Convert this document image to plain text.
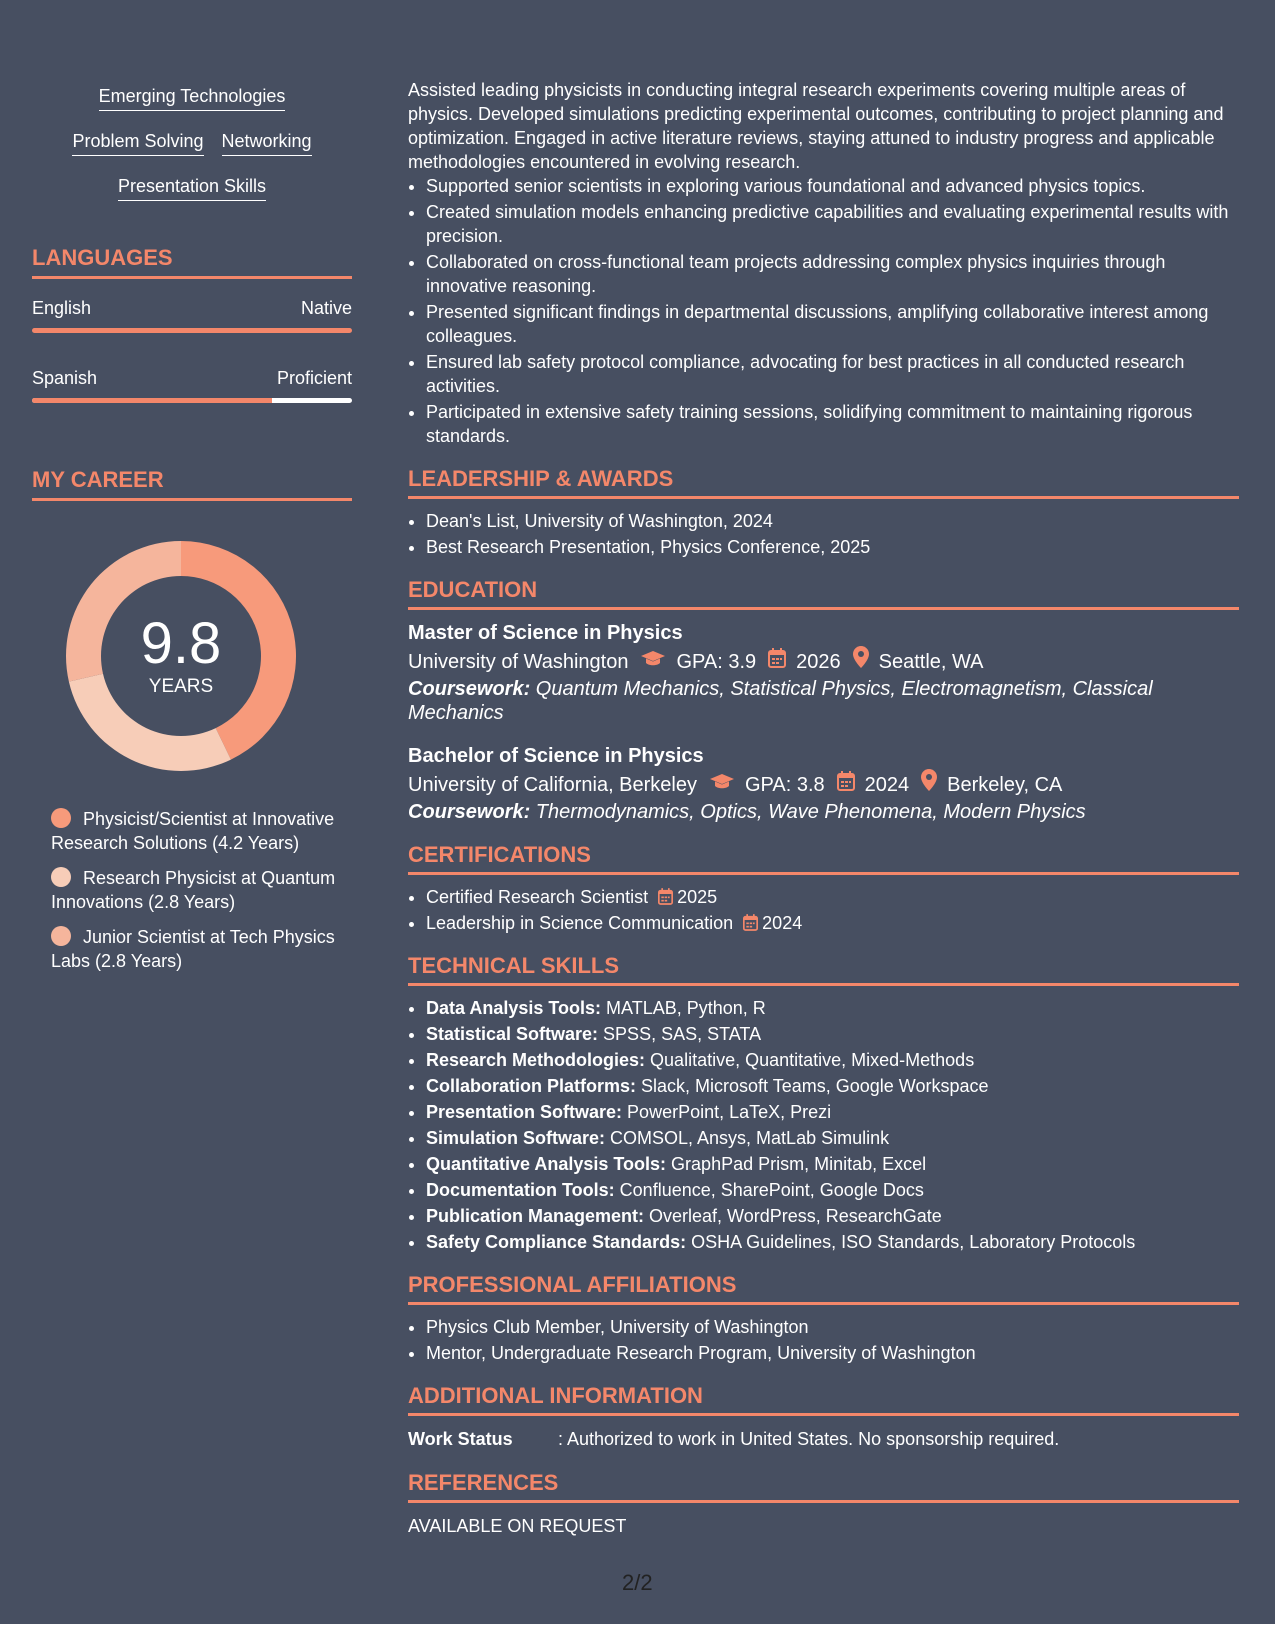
Emerging Technologies
Problem Solving Networking
Presentation Skills
LANGUAGES
English	Native
Spanish	Proficient
MY CAREER
9.8
YEARS
Physicist/Scientist at Innovative Research Solutions (4.2 Years)
Research Physicist at Quantum Innovations (2.8 Years)
Junior Scientist at Tech Physics Labs (2.8 Years)

Assisted leading physicists in conducting integral research experiments covering multiple areas of physics. Developed simulations predicting experimental outcomes, contributing to project planning and optimization. Engaged in active literature reviews, staying attuned to industry progress and applicable methodologies encountered in evolving research.

• Supported senior scientists in exploring various foundational and advanced physics topics.
• Created simulation models enhancing predictive capabilities and evaluating experimental results with precision.
• Collaborated on cross-functional team projects addressing complex physics inquiries through innovative reasoning.
• Presented significant findings in departmental discussions, amplifying collaborative interest among colleagues.
• Ensured lab safety protocol compliance, advocating for best practices in all conducted research activities.
• Participated in extensive safety training sessions, solidifying commitment to maintaining rigorous standards.
LEADERSHIP & AWARDS
• Dean's List, University of Washington, 2024
• Best Research Presentation, Physics Conference, 2025
EDUCATION
Master of Science in Physics
University of Washington GPA: 3.9 2026 Seattle, WA
Coursework: Quantum Mechanics, Statistical Physics, Electromagnetism, Classical Mechanics
Bachelor of Science in Physics
University of California, Berkeley GPA: 3.8 2024 Berkeley, CA
Coursework: Thermodynamics, Optics, Wave Phenomena, Modern Physics
CERTIFICATIONS
• Certified Research Scientist 2025
• Leadership in Science Communication 2024
TECHNICAL SKILLS
• Data Analysis Tools: MATLAB, Python, R
• Statistical Software: SPSS, SAS, STATA
• Research Methodologies: Qualitative, Quantitative, Mixed-Methods
• Collaboration Platforms: Slack, Microsoft Teams, Google Workspace
• Presentation Software: PowerPoint, LaTeX, Prezi
• Simulation Software: COMSOL, Ansys, MatLab Simulink
• Quantitative Analysis Tools: GraphPad Prism, Minitab, Excel
• Documentation Tools: Confluence, SharePoint, Google Docs
• Publication Management: Overleaf, WordPress, ResearchGate
• Safety Compliance Standards: OSHA Guidelines, ISO Standards, Laboratory Protocols
PROFESSIONAL AFFILIATIONS
• Physics Club Member, University of Washington
• Mentor, Undergraduate Research Program, University of Washington
ADDITIONAL INFORMATION
Work Status	: Authorized to work in United States. No sponsorship required.
REFERENCES
AVAILABLE ON REQUEST
2/2
